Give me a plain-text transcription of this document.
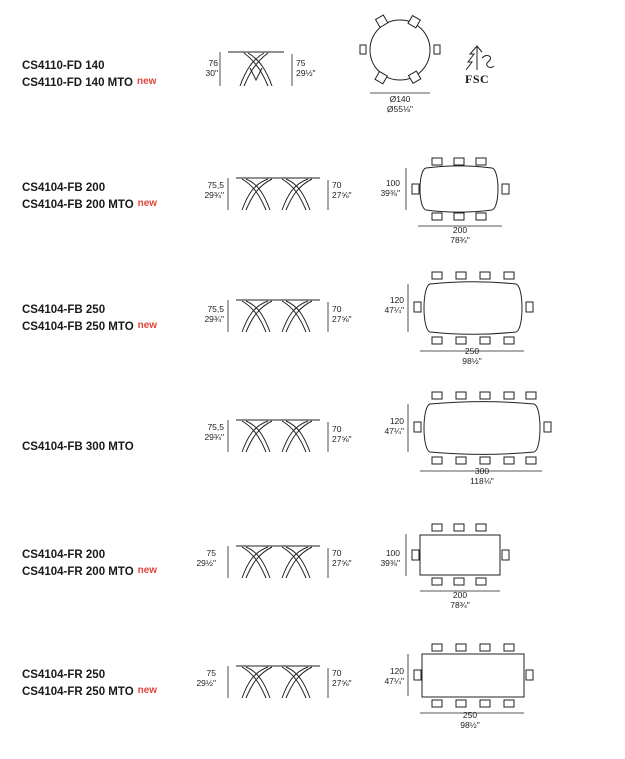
CS4110-FD 140
CS4110-FD 140 MTO new
76
30"
75
29½"
Ø140
Ø55⅛"
FSC
CS4104-FB 200
CS4104-FB 200 MTO new
75,5
29¾"
70
27⅝"
100
39⅜"
200
78¾"
CS4104-FB 250
CS4104-FB 250 MTO new
75,5
29¾"
70
27⅝"
120
47¼"
250
98½"
CS4104-FB 300 MTO
75,5
29¾"
70
27⅝"
120
47¼"
300
118⅛"
CS4104-FR 200
CS4104-FR 200 MTO new
75
29½"
70
27⅝"
100
39⅜"
200
78¾"
CS4104-FR 250
CS4104-FR 250 MTO new
75
29½"
70
27⅝"
120
47¼"
250
98½"
